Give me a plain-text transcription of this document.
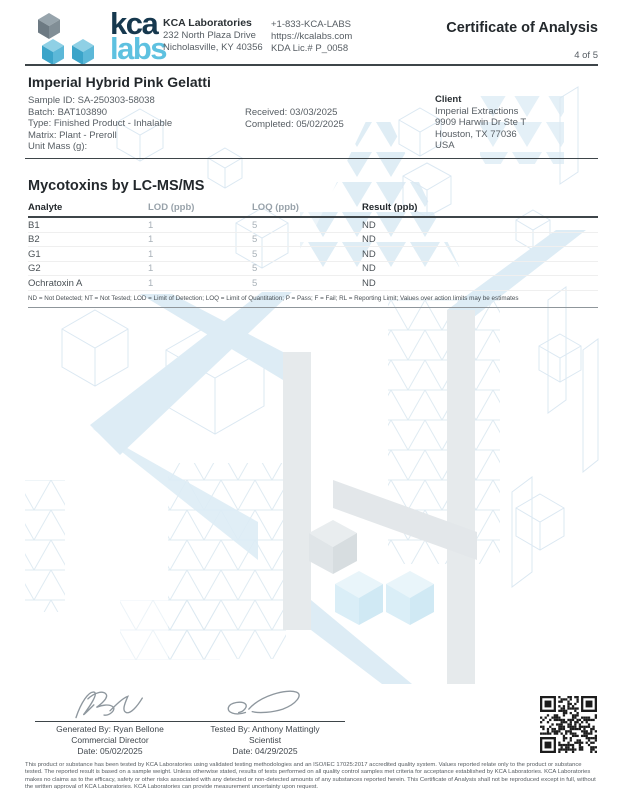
kca
labs
KCA Laboratories
232 North Plaza Drive
Nicholasville, KY 40356
+1-833-KCA-LABS
https://kcalabs.com
KDA Lic.# P_0058
Certificate of Analysis
4 of 5
Imperial Hybrid Pink Gelatti
Sample ID: SA-250303-58038
Batch: BAT103890
Type: Finished Product - Inhalable
Matrix: Plant - Preroll
Unit Mass (g):
Received: 03/03/2025
Completed: 05/02/2025
Client
Imperial Extractions
9909 Harwin Dr Ste T
Houston, TX 77036
USA
Mycotoxins by LC-MS/MS
Analyte	LOD (ppb)	LOQ (ppb)	Result (ppb)
B1	1	5	ND
B2	1	5	ND
G1	1	5	ND
G2	1	5	ND
Ochratoxin A	1	5	ND
ND = Not Detected; NT = Not Tested; LOD = Limit of Detection; LOQ = Limit of Quantitation; P = Pass; F = Fail; RL = Reporting Limit; Values over action limits may be estimates
Generated By: Ryan Bellone
Commercial Director
Date: 05/02/2025
Tested By: Anthony Mattingly
Scientist
Date: 04/29/2025
This product or substance has been tested by KCA Laboratories using validated testing methodologies and an ISO/IEC 17025:2017 accredited quality system. Values reported relate only to the product or substance tested. The reported result is based on a sample weight. Unless otherwise stated, results of tests performed on all quality control samples met criteria for acceptance established by KCA Laboratories. KCA Laboratories makes no claims as to the efficacy, safety or other risks associated with any detected or non-detected amounts of any substances reported herein. This Certificate of Analysis shall not be reproduced except in full, without the written approval of KCA Laboratories. KCA Laboratories can provide measurement uncertainty upon request.
